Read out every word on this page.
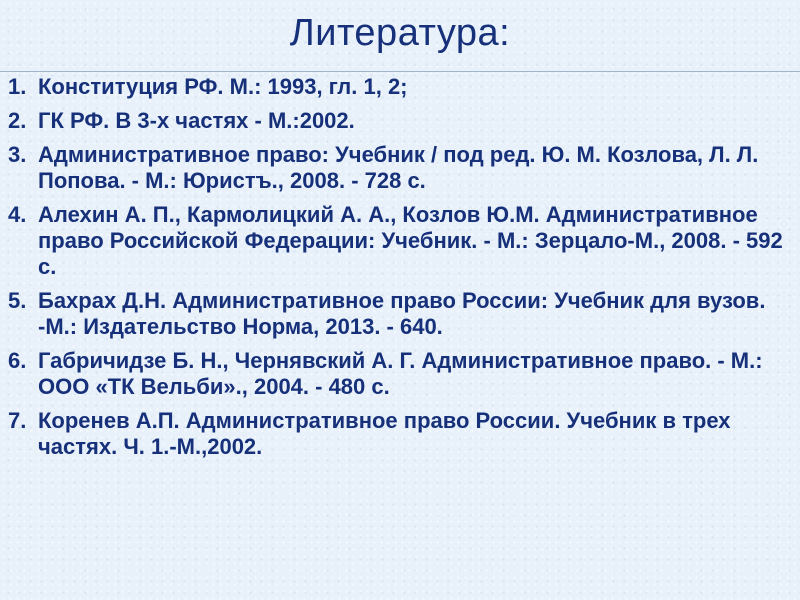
Литература:
1. Конституция РФ. М.: 1993, гл. 1, 2;
2. ГК РФ. В 3-х частях - М.:2002.
3. Административное право: Учебник / под ред. Ю. М. Козлова, Л. Л. Попова. - М.: Юристъ., 2008. - 728 с.
4. Алехин А. П., Кармолицкий А. А., Козлов Ю.М. Административное право Российской Федерации: Учебник. - М.: Зерцало-М., 2008. - 592 с.
5. Бахрах Д.Н. Административное право России: Учебник для вузов. -М.: Издательство Норма, 2013. - 640.
6. Габричидзе Б. Н., Чернявский А. Г. Административное право. - М.: ООО «ТК Вельби»., 2004. - 480 с.
7. Коренев А.П. Административное право России. Учебник в трех частях. Ч. 1.-М.,2002.
